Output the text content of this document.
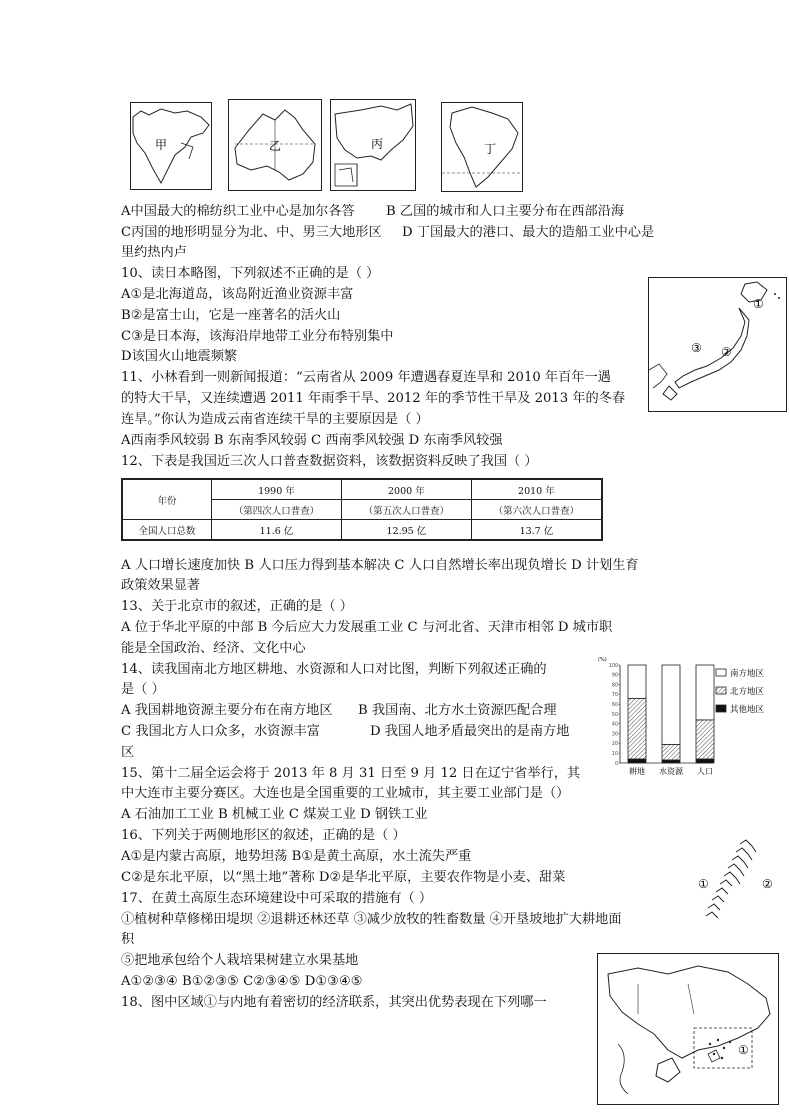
甲	乙	丙	丁
A中国最大的棉纺织工业中心是加尔各答 B 乙国的城市和人口主要分布在西部沿海
C丙国的地形明显分为北、中、男三大地形区 D 丁国最大的港口、最大的造船工业中心是
里约热内卢
10、读日本略图，下列叙述不正确的是（ ）
A①是北海道岛，该岛附近渔业资源丰富
B②是富士山，它是一座著名的活火山
C③是日本海，该海沿岸地带工业分布特别集中
D该国火山地震频繁
①
②
③
11、小林看到一则新闻报道：“云南省从 2009 年遭遇春夏连旱和 2010 年百年一遇
的特大干旱，又连续遭遇 2011 年雨季干旱、2012 年的季节性干旱及 2013 年的冬春
连旱。”你认为造成云南省连续干旱的主要原因是（ ）
A西南季风较弱 B 东南季风较弱 C 西南季风较强 D 东南季风较强
12、下表是我国近三次人口普查数据资料，该数据资料反映了我国（ ）
年份	1990 年	2000 年	2010 年
	（第四次人口普查）	（第五次人口普查）	（第六次人口普查）
全国人口总数	11.6 亿	12.95 亿	13.7 亿
A 人口增长速度加快 B 人口压力得到基本解决 C 人口自然增长率出现负增长 D 计划生育
政策效果显著
13、关于北京市的叙述，正确的是（ ）
A 位于华北平原的中部 B 今后应大力发展重工业 C 与河北省、天津市相邻 D 城市职
能是全国政治、经济、文化中心
14、读我国南北方地区耕地、水资源和人口对比图，判断下列叙述正确的
是（ ）
A 我国耕地资源主要分布在南方地区 B 我国南、北方水土资源匹配合理
C 我国北方人口众多，水资源丰富	D 我国人地矛盾最突出的是南方地
区
(%)
0
10
20
30
40
50
60
70
80
90
100
耕地 水资源 人口
南方地区
北方地区
其他地区
15、第十二届全运会将于 2013 年 8 月 31 日至 9 月 12 日在辽宁省举行，其
中大连市主要分赛区。大连也是全国重要的工业城市，其主要工业部门是（）
A 石油加工工业 B 机械工业 C 煤炭工业 D 钢铁工业
16、下列关于两侧地形区的叙述，正确的是（ ）
A①是内蒙古高原，地势坦荡 B①是黄土高原，水土流失严重
C②是东北平原，以“黑土地”著称 D②是华北平原，主要农作物是小麦、甜菜	①	②
17、在黄土高原生态环境建设中可采取的措施有（ ）
①植树种草修梯田堤坝 ②退耕还林还草 ③减少放牧的牲畜数量 ④开垦坡地扩大耕地面
积
⑤把地承包给个人栽培果树建立水果基地
A①②③④ B①②③⑤ C②③④⑤ D①③④⑤
18、图中区域①与内地有着密切的经济联系，其突出优势表现在下列哪一
①
